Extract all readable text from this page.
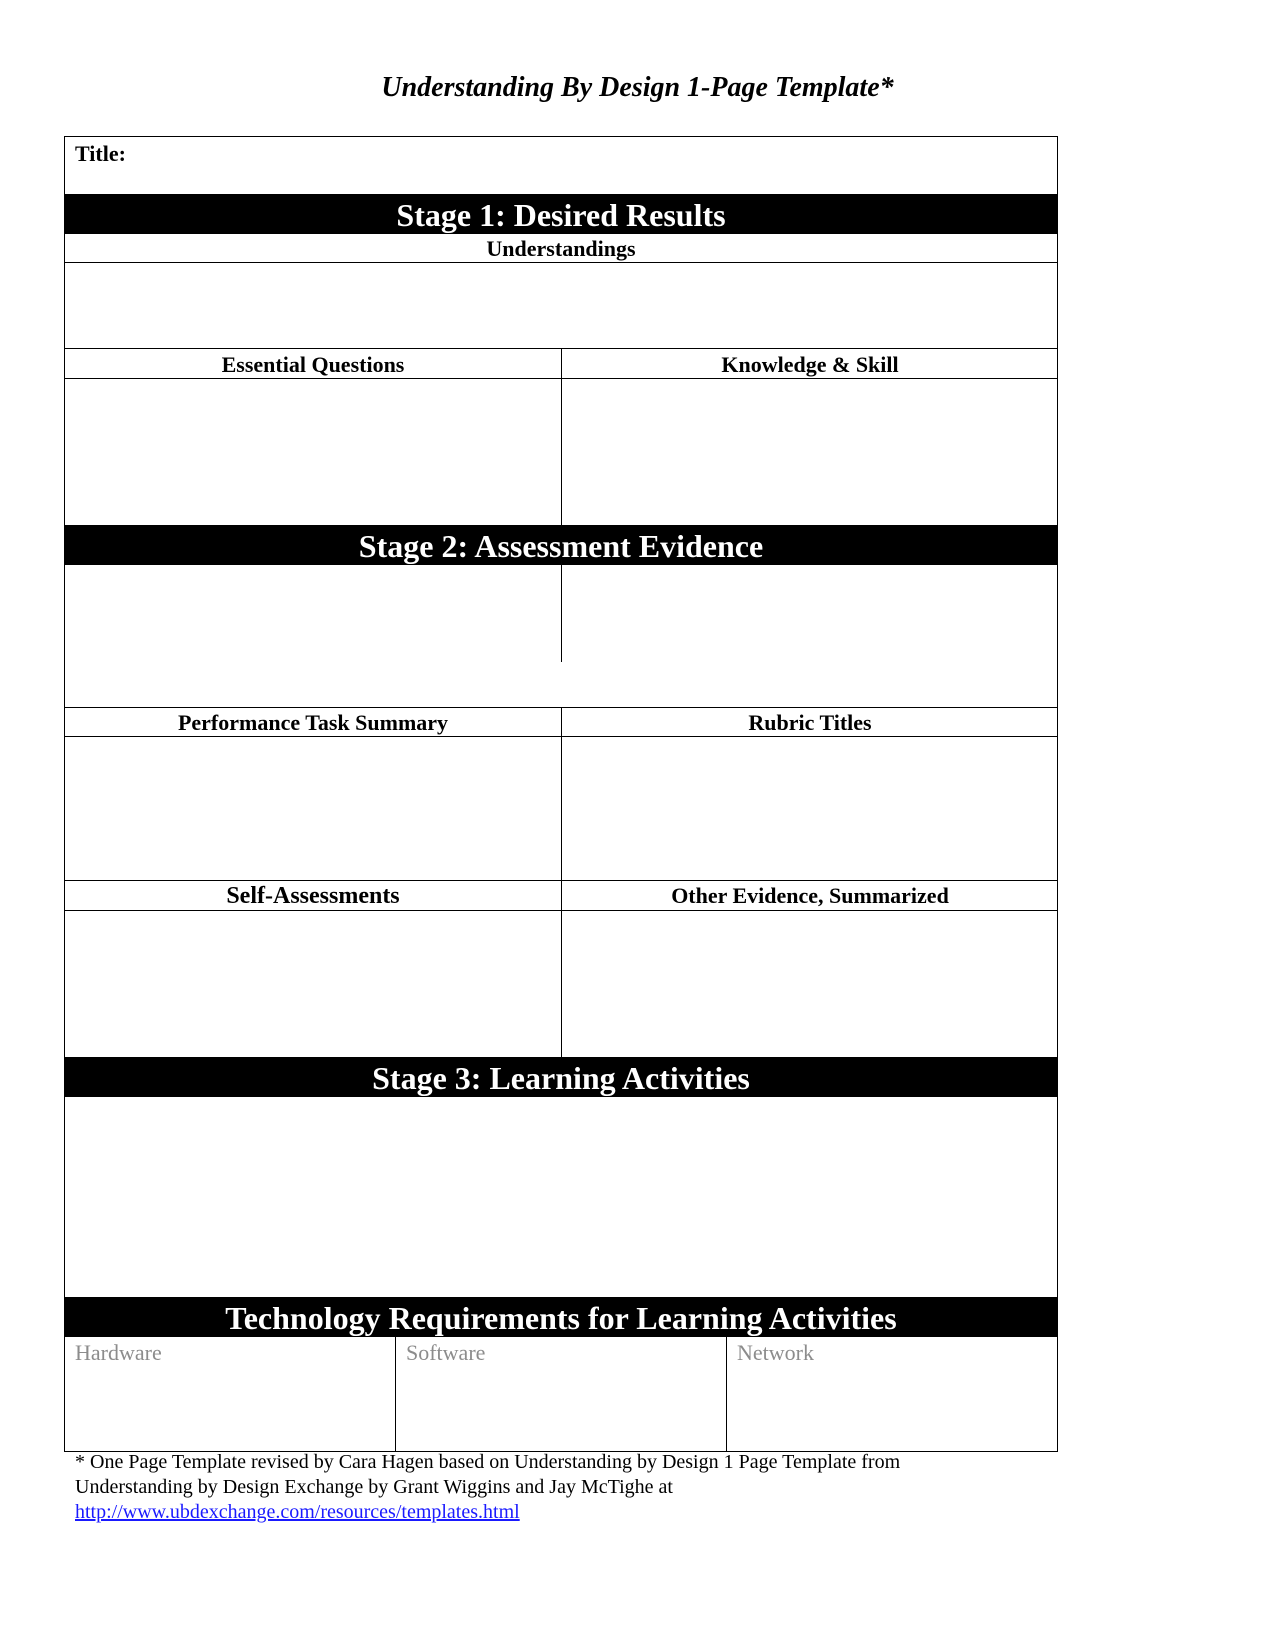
Understanding By Design 1-Page Template*
Title:
Stage 1: Desired Results
Understandings
Essential Questions	Knowledge & Skill
Stage 2: Assessment Evidence
Performance Task Summary	Rubric Titles
Self-Assessments	Other Evidence, Summarized
Stage 3: Learning Activities
Technology Requirements for Learning Activities
Hardware	Software	Network
* One Page Template revised by Cara Hagen based on Understanding by Design 1 Page Template from
Understanding by Design Exchange by Grant Wiggins and Jay McTighe at
http://www.ubdexchange.com/resources/templates.html
